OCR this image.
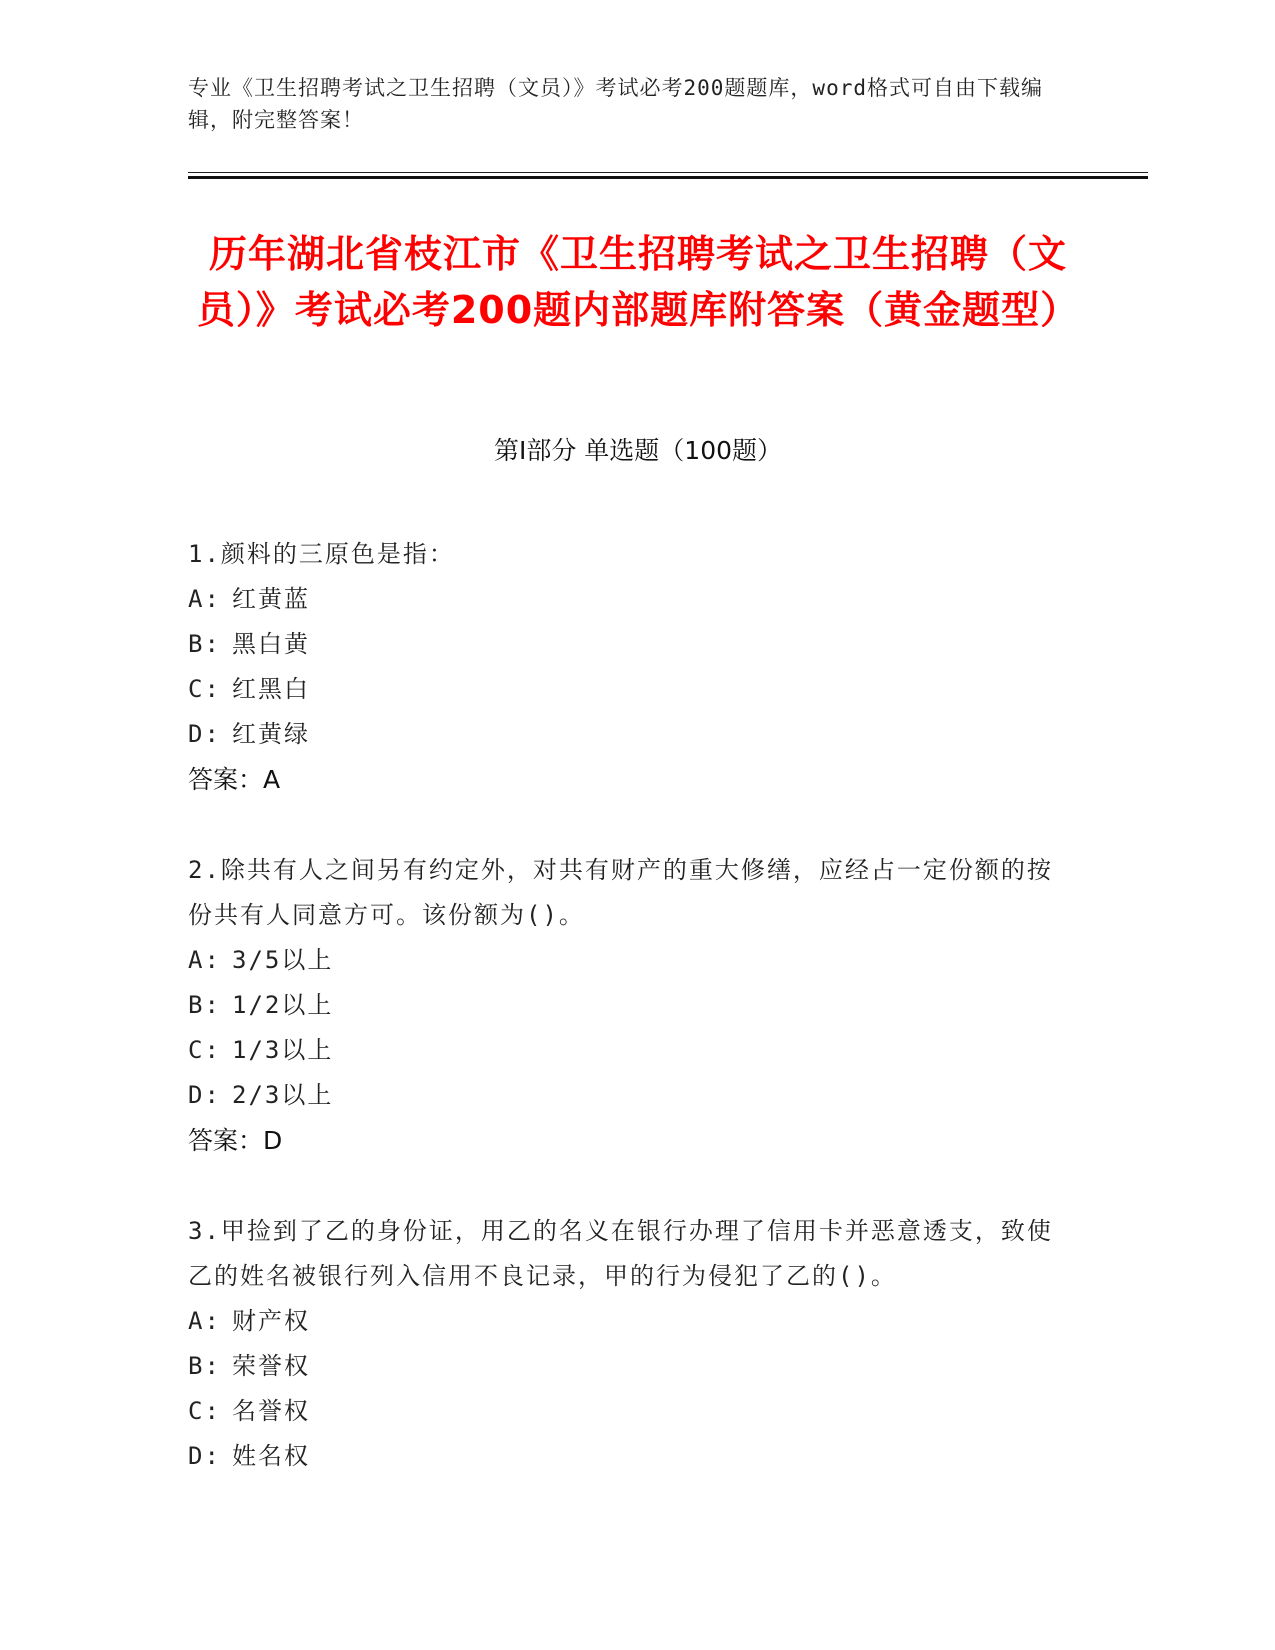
专业《卫生招聘考试之卫生招聘（文员）》考试必考200题题库，word格式可自由下载编辑，附完整答案！
历年湖北省枝江市《卫生招聘考试之卫生招聘（文员）》考试必考200题内部题库附答案（黄金题型）
第I部分 单选题（100题）
1.颜料的三原色是指：
A: 红黄蓝
B: 黑白黄
C: 红黑白
D: 红黄绿
答案：A
2.除共有人之间另有约定外，对共有财产的重大修缮，应经占一定份额的按份共有人同意方可。该份额为()。
A: 3/5以上
B: 1/2以上
C: 1/3以上
D: 2/3以上
答案：D
3.甲捡到了乙的身份证，用乙的名义在银行办理了信用卡并恶意透支，致使乙的姓名被银行列入信用不良记录，甲的行为侵犯了乙的()。
A: 财产权
B: 荣誉权
C: 名誉权
D: 姓名权
